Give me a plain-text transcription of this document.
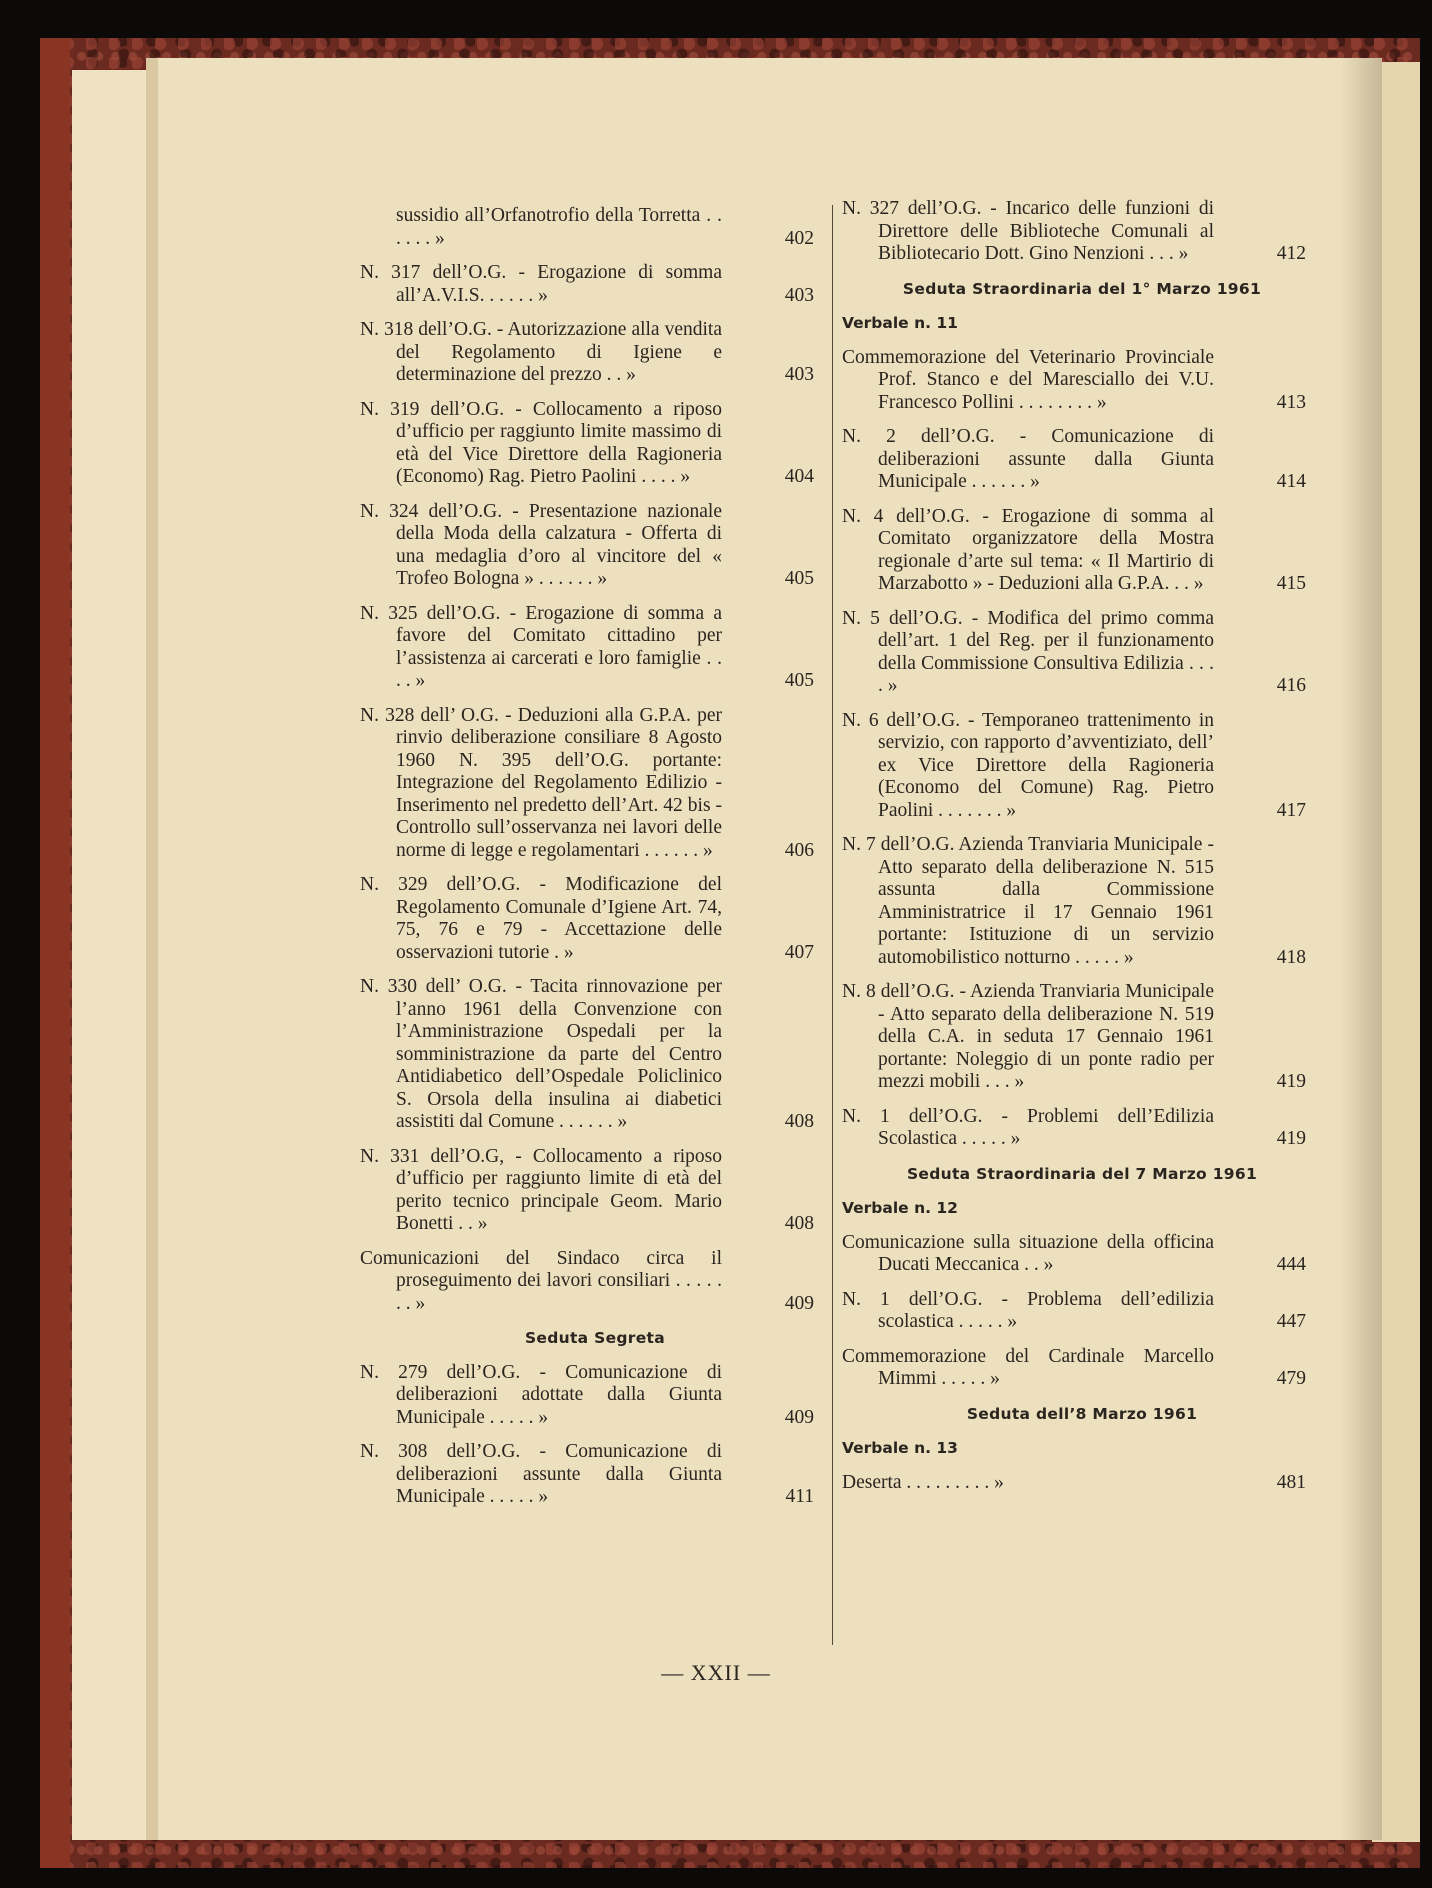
sussidio all’Orfanotrofio della Torretta . . . . . . »	402
N. 317 dell’O.G. - Erogazione di somma all’A.V.I.S. . . . . . »	403
N. 318 dell’O.G. - Autorizzazione alla vendita del Regolamento di Igiene e determinazione del prezzo . . »	403
N. 319 dell’O.G. - Collocamento a riposo d’ufficio per raggiunto limite massimo di età del Vice Direttore della Ragioneria (Economo) Rag. Pietro Paolini . . . . »	404
N. 324 dell’O.G. - Presentazione nazionale della Moda della calzatura - Offerta di una medaglia d’oro al vincitore del « Trofeo Bologna » . . . . . . »	405
N. 325 dell’O.G. - Erogazione di somma a favore del Comitato cittadino per l’assistenza ai carcerati e loro famiglie . . . . »	405
N. 328 dell’ O.G. - Deduzioni alla G.P.A. per rinvio deliberazione consiliare 8 Agosto 1960 N. 395 dell’O.G. portante: Integrazione del Regolamento Edilizio - Inserimento nel predetto dell’Art. 42 bis - Controllo sull’osservanza nei lavori delle norme di legge e regolamentari . . . . . . »	406
N. 329 dell’O.G. - Modificazione del Regolamento Comunale d’Igiene Art. 74, 75, 76 e 79 - Accettazione delle osservazioni tutorie . »	407
N. 330 dell’ O.G. - Tacita rinnovazione per l’anno 1961 della Convenzione con l’Amministrazione Ospedali per la somministrazione da parte del Centro Antidiabetico dell’Ospedale Policlinico S. Orsola della insulina ai diabetici assistiti dal Comune . . . . . . »	408
N. 331 dell’O.G, - Collocamento a riposo d’ufficio per raggiunto limite di età del perito tecnico principale Geom. Mario Bonetti . . »	408
Comunicazioni del Sindaco circa il proseguimento dei lavori consiliari . . . . . . . »	409
Seduta Segreta
N. 279 dell’O.G. - Comunicazione di deliberazioni adottate dalla Giunta Municipale . . . . . »	409
N. 308 dell’O.G. - Comunicazione di deliberazioni assunte dalla Giunta Municipale . . . . . »	411
N. 327 dell’O.G. - Incarico delle funzioni di Direttore delle Biblioteche Comunali al Bibliotecario Dott. Gino Nenzioni . . . »	412
Seduta Straordinaria del 1° Marzo 1961
Verbale n. 11
Commemorazione del Veterinario Provinciale Prof. Stanco e del Maresciallo dei V.U. Francesco Pollini . . . . . . . . »	413
N. 2 dell’O.G. - Comunicazione di deliberazioni assunte dalla Giunta Municipale . . . . . . »	414
N. 4 dell’O.G. - Erogazione di somma al Comitato organizzatore della Mostra regionale d’arte sul tema: « Il Martirio di Marzabotto » - Deduzioni alla G.P.A. . . »	415
N. 5 dell’O.G. - Modifica del primo comma dell’art. 1 del Reg. per il funzionamento della Commissione Consultiva Edilizia . . . . »	416
N. 6 dell’O.G. - Temporaneo trattenimento in servizio, con rapporto d’avventiziato, dell’ ex Vice Direttore della Ragioneria (Economo del Comune) Rag. Pietro Paolini . . . . . . . »	417
N. 7 dell’O.G. Azienda Tranviaria Municipale - Atto separato della deliberazione N. 515 assunta dalla Commissione Amministratrice il 17 Gennaio 1961 portante: Istituzione di un servizio automobilistico notturno . . . . . »	418
N. 8 dell’O.G. - Azienda Tranviaria Municipale - Atto separato della deliberazione N. 519 della C.A. in seduta 17 Gennaio 1961 portante: Noleggio di un ponte radio per mezzi mobili . . . »	419
N. 1 dell’O.G. - Problemi dell’Edilizia Scolastica . . . . . »	419
Seduta Straordinaria del 7 Marzo 1961
Verbale n. 12
Comunicazione sulla situazione della officina Ducati Meccanica . . »	444
N. 1 dell’O.G. - Problema dell’edilizia scolastica . . . . . »	447
Commemorazione del Cardinale Marcello Mimmi . . . . . »	479
Seduta dell’8 Marzo 1961
Verbale n. 13
Deserta . . . . . . . . . »	481
— XXII —
